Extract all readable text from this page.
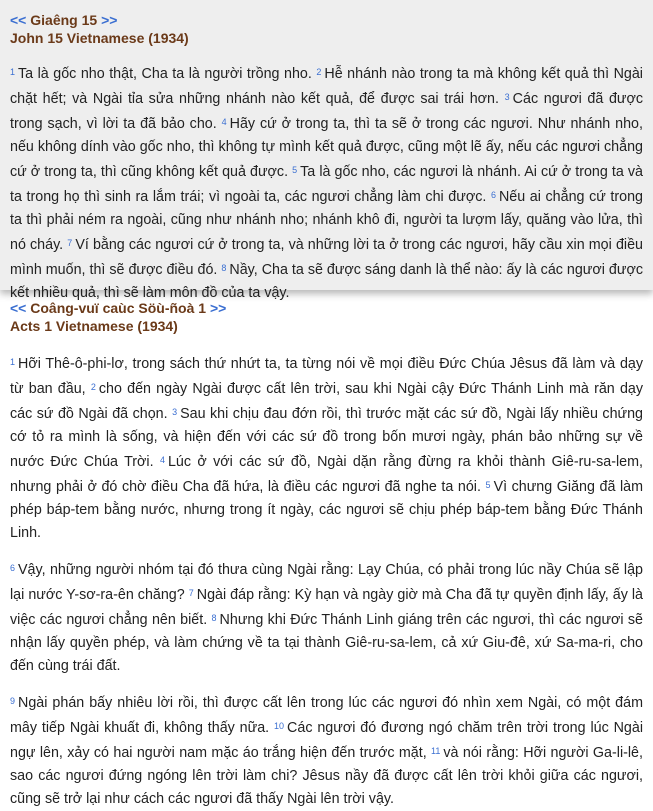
<< Giaêng 15 >>
John 15 Vietnamese (1934)

$^1$ Ta là gốc nho thật, Cha ta là người trồng nho. $^2$ Hễ nhánh nào trong ta mà không kết quả thì Ngài chặt hết; và Ngài tỉa sửa những nhánh nào kết quả, để được sai trái hơn. $^3$ Các ngươi đã được trong sạch, vì lời ta đã bảo cho. $^4$ Hãy cứ ở trong ta, thì ta sẽ ở trong các ngươi. Như nhánh nho, nếu không dính vào gốc nho, thì không tự mình kết quả được, cũng một lẽ ấy, nếu các ngươi chẳng cứ ở trong ta, thì cũng không kết quả được. $^5$ Ta là gốc nho, các ngươi là nhánh. Ai cứ ở trong ta và ta trong họ thì sinh ra lắm trái; vì ngoài ta, các ngươi chẳng làm chi được. $^6$ Nếu ai chẳng cứ trong ta thì phải ném ra ngoài, cũng như nhánh nho; nhánh khô đi, người ta lượm lấy, quăng vào lửa, thì nó cháy. $^7$ Ví bằng các ngươi cứ ở trong ta, và những lời ta ở trong các ngươi, hãy cầu xin mọi điều mình muốn, thì sẽ được điều đó. $^8$ Nầy, Cha ta sẽ được sáng danh là thể nào: ấy là các ngươi được kết nhiều quả, thì sẽ làm môn đồ của ta vậy.

<< Coâng-vuï caùc Söù-ñoà 1 >>
Acts 1 Vietnamese (1934)

$^1$ Hỡi Thê-ô-phi-lơ, trong sách thứ nhứt ta, ta từng nói về mọi điều Đức Chúa Jêsus đã làm và dạy từ ban đầu, $^2$ cho đến ngày Ngài được cất lên trời, sau khi Ngài cậy Đức Thánh Linh mà răn dạy các sứ đồ Ngài đã chọn. $^3$ Sau khi chịu đau đớn rồi, thì trước mặt các sứ đồ, Ngài lấy nhiều chứng cớ tỏ ra mình là sống, và hiện đến với các sứ đồ trong bốn mươi ngày, phán bảo những sự về nước Đức Chúa Trời. $^4$ Lúc ở với các sứ đồ, Ngài dặn rằng đừng ra khỏi thành Giê-ru-sa-lem, nhưng phải ở đó chờ điều Cha đã hứa, là điều các ngươi đã nghe ta nói. $^5$ Vì chưng Giăng đã làm phép báp-tem bằng nước, nhưng trong ít ngày, các ngươi sẽ chịu phép báp-tem bằng Đức Thánh Linh.

$^6$ Vậy, những người nhóm tại đó thưa cùng Ngài rằng: Lạy Chúa, có phải trong lúc nầy Chúa sẽ lập lại nước Y-sơ-ra-ên chăng? $^7$ Ngài đáp rằng: Kỳ hạn và ngày giờ mà Cha đã tự quyền định lấy, ấy là việc các ngươi chẳng nên biết. $^8$ Nhưng khi Đức Thánh Linh giáng trên các ngươi, thì các ngươi sẽ nhận lấy quyền phép, và làm chứng về ta tại thành Giê-ru-sa-lem, cả xứ Giu-đê, xứ Sa-ma-ri, cho đến cùng trái đất.

$^9$ Ngài phán bấy nhiêu lời rồi, thì được cất lên trong lúc các ngươi đó nhìn xem Ngài, có một đám mây tiếp Ngài khuất đi, không thấy nữa. $^{10}$ Các ngươi đó đương ngó chăm trên trời trong lúc Ngài ngự lên, xảy có hai người nam mặc áo trắng hiện đến trước mặt, $^{11}$ và nói rằng: Hỡi người Ga-li-lê, sao các ngươi đứng ngóng lên trời làm chi? Jêsus nầy đã được cất lên trời khỏi giữa các ngươi, cũng sẽ trở lại như cách các ngươi đã thấy Ngài lên trời vậy.
